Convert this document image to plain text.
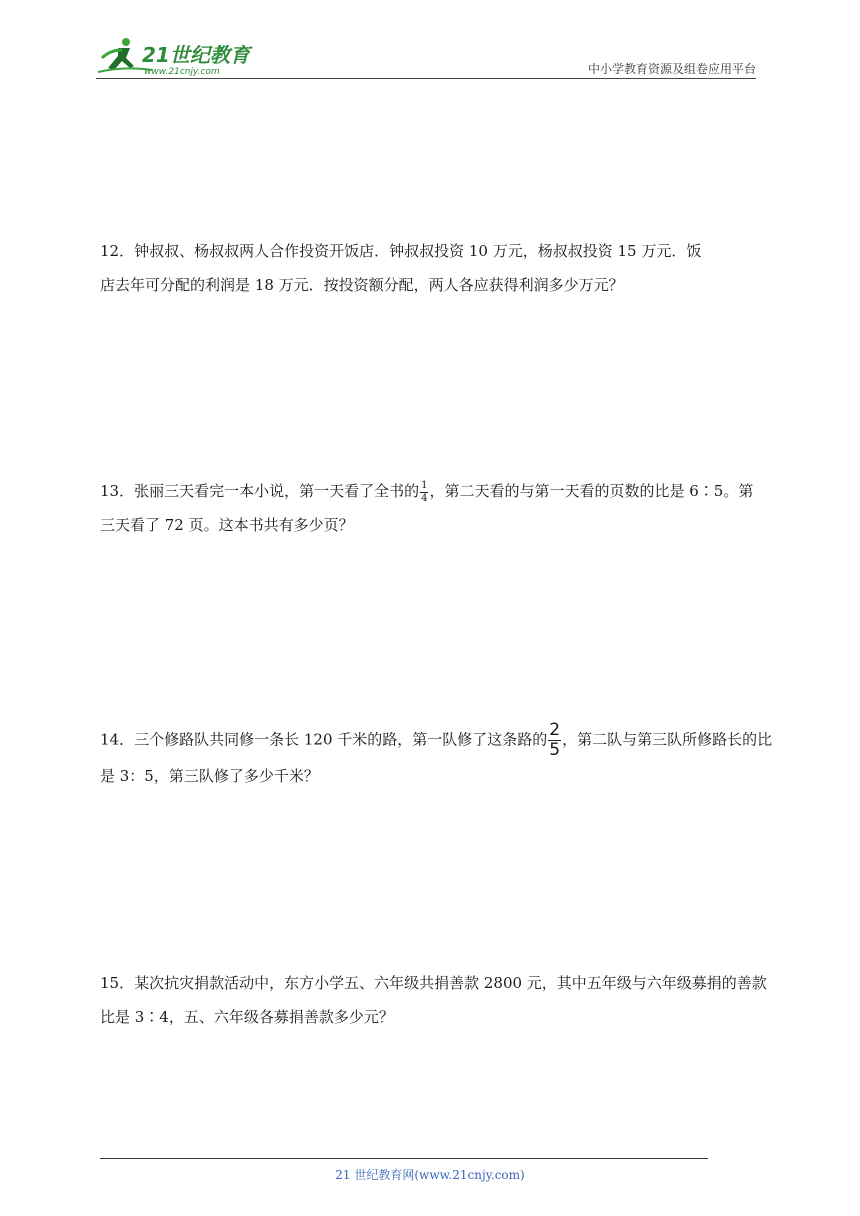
21世纪教育
www.21cnjy.com	中小学教育资源及组卷应用平台

12．钟叔叔、杨叔叔两人合作投资开饭店．钟叔叔投资 10 万元，杨叔叔投资 15 万元．饭

店去年可分配的利润是 18 万元．按投资额分配，两人各应获得利润多少万元？

13．张丽三天看完一本小说，第一天看了全书的 $\frac{1}{4}$ ，第二天看的与第一天看的页数的比是 6∶5。第

三天看了 72 页。这本书共有多少页？

14．三个修路队共同修一条长 120 千米的路，第一队修了这条路的 $\frac{2}{5}$ ，第二队与第三队所修路长的比

是 3：5，第三队修了多少千米？

15．某次抗灾捐款活动中，东方小学五、六年级共捐善款 2800 元，其中五年级与六年级募捐的善款

比是 3∶4，五、六年级各募捐善款多少元？

21 世纪教育网(www.21cnjy.com)
